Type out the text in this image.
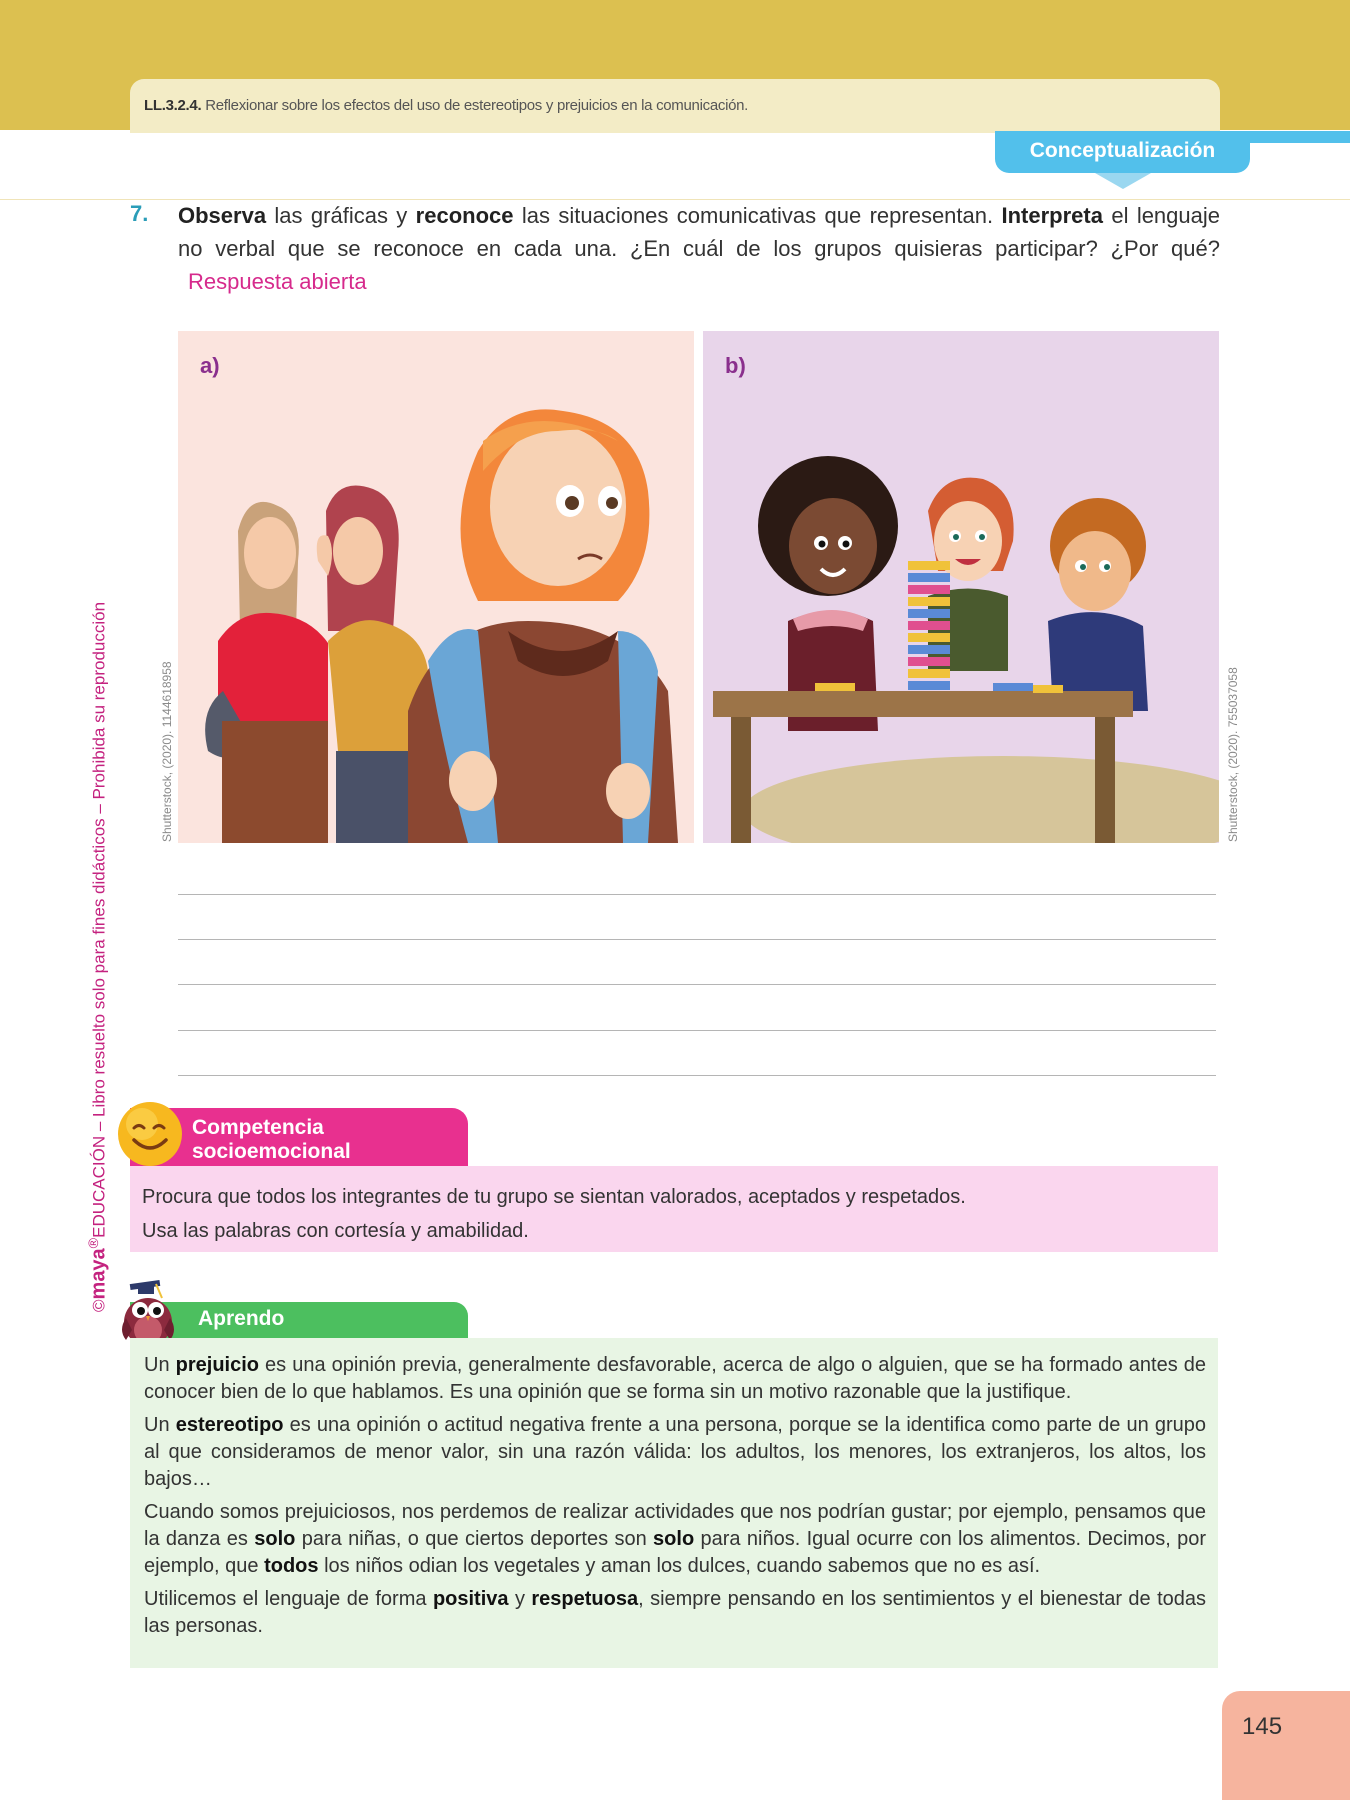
LL.3.2.4. Reflexionar sobre los efectos del uso de estereotipos y prejuicios en la comunicación.
Conceptualización
7. Observa las gráficas y reconoce las situaciones comunicativas que representan. Interpreta el lenguaje no verbal que se reconoce en cada una. ¿En cuál de los grupos quisieras participar? ¿Por qué?Respuesta abierta
a)	b)
Shutterstock, (2020). 1144618958	Shutterstock, (2020). 755037058
©maya®EDUCACIÓN – Libro resuelto solo para fines didácticos – Prohibida su reproducción	Competencia
socioemocional
Procura que todos los integrantes de tu grupo se sientan valorados, aceptados y respetados.
Usa las palabras con cortesía y amabilidad.
Aprendo

Un prejuicio es una opinión previa, generalmente desfavorable, acerca de algo o alguien, que se ha formado antes de conocer bien de lo que hablamos. Es una opinión que se forma sin un motivo razonable que la justifique.

Un estereotipo es una opinión o actitud negativa frente a una persona, porque se la identifica como parte de un grupo al que consideramos de menor valor, sin una razón válida: los adultos, los menores, los extranjeros, los altos, los bajos…

Cuando somos prejuiciosos, nos perdemos de realizar actividades que nos podrían gustar; por ejemplo, pensamos que la danza es solo para niñas, o que ciertos deportes son solo para niños. Igual ocurre con los alimentos. Decimos, por ejemplo, que todos los niños odian los vegetales y aman los dulces, cuando sabemos que no es así.

Utilicemos el lenguaje de forma positiva y respetuosa, siempre pensando en los sentimientos y el bienestar de todas las personas.

145
